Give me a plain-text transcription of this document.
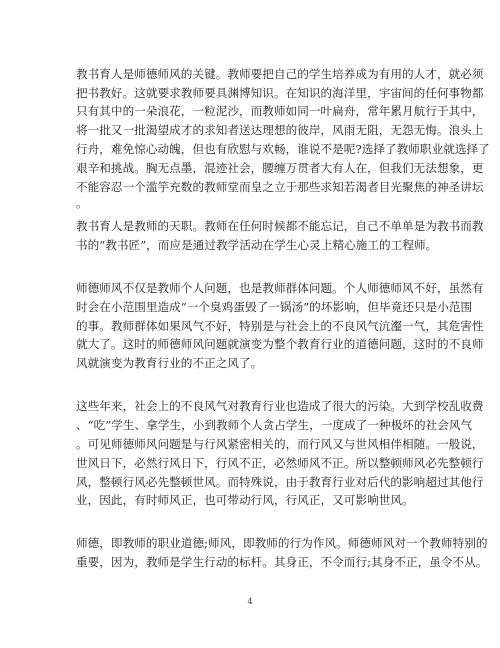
教书育人是师德师风的关键。教师要把自己的学生培养成为有用的人才，就必须
把书教好。这就要求教师要具渊博知识。在知识的海洋里，宇宙间的任何事物都
只有其中的一朵浪花，一粒泥沙，而教师如同一叶扁舟，常年累月航行于其中，
将一批又一批渴望成才的求知者送达理想的彼岸，风雨无阻，无怨无悔。浪头上
行舟，难免惊心动魄，但也有欣慰与欢畅，谁说不是呢?选择了教师职业就选择了
艰辛和挑战。胸无点墨，混迹社会，腰缠万贯者大有人在，但我们无法想象，更
不能容忍一个滥竽充数的教师堂而皇之立于那些求知若渴者目光聚焦的神圣讲坛
。
教书育人是教师的天职。教师在任何时候都不能忘记，自己不单单是为教书而教
书的“教书匠”，而应是通过教学活动在学生心灵上精心施工的工程师。
师德师风不仅是教师个人问题，也是教师群体问题。个人师德师风不好，虽然有
时会在小范围里造成“一个臭鸡蛋毁了一锅汤”的坏影响，但毕竟还只是小范围
的事。教师群体如果风气不好，特别是与社会上的不良风气沆瀣一气，其危害性
就大了。这时的师德师风问题就演变为整个教育行业的道德问题，这时的不良师
风就演变为教育行业的不正之风了。
这些年来，社会上的不良风气对教育行业也造成了很大的污染。大到学校乱收费
、“吃”学生、拿学生，小到教师个人贪占学生，一度成了一种极坏的社会风气
。可见师德师风问题是与行风紧密相关的，而行风又与世风相伴相随。一般说，
世风日下，必然行风日下，行风不正，必然师风不正。所以整顿师风必先整顿行
风，整顿行风必先整顿世风。而特殊说，由于教育行业对后代的影响超过其他行
业，因此，有时师风正，也可带动行风，行风正，又可影响世风。
师德，即教师的职业道德;师风，即教师的行为作风。师德师风对一个教师特别的
重要，因为，教师是学生行动的标杆。其身正，不令而行;其身不正，虽令不从。
4
